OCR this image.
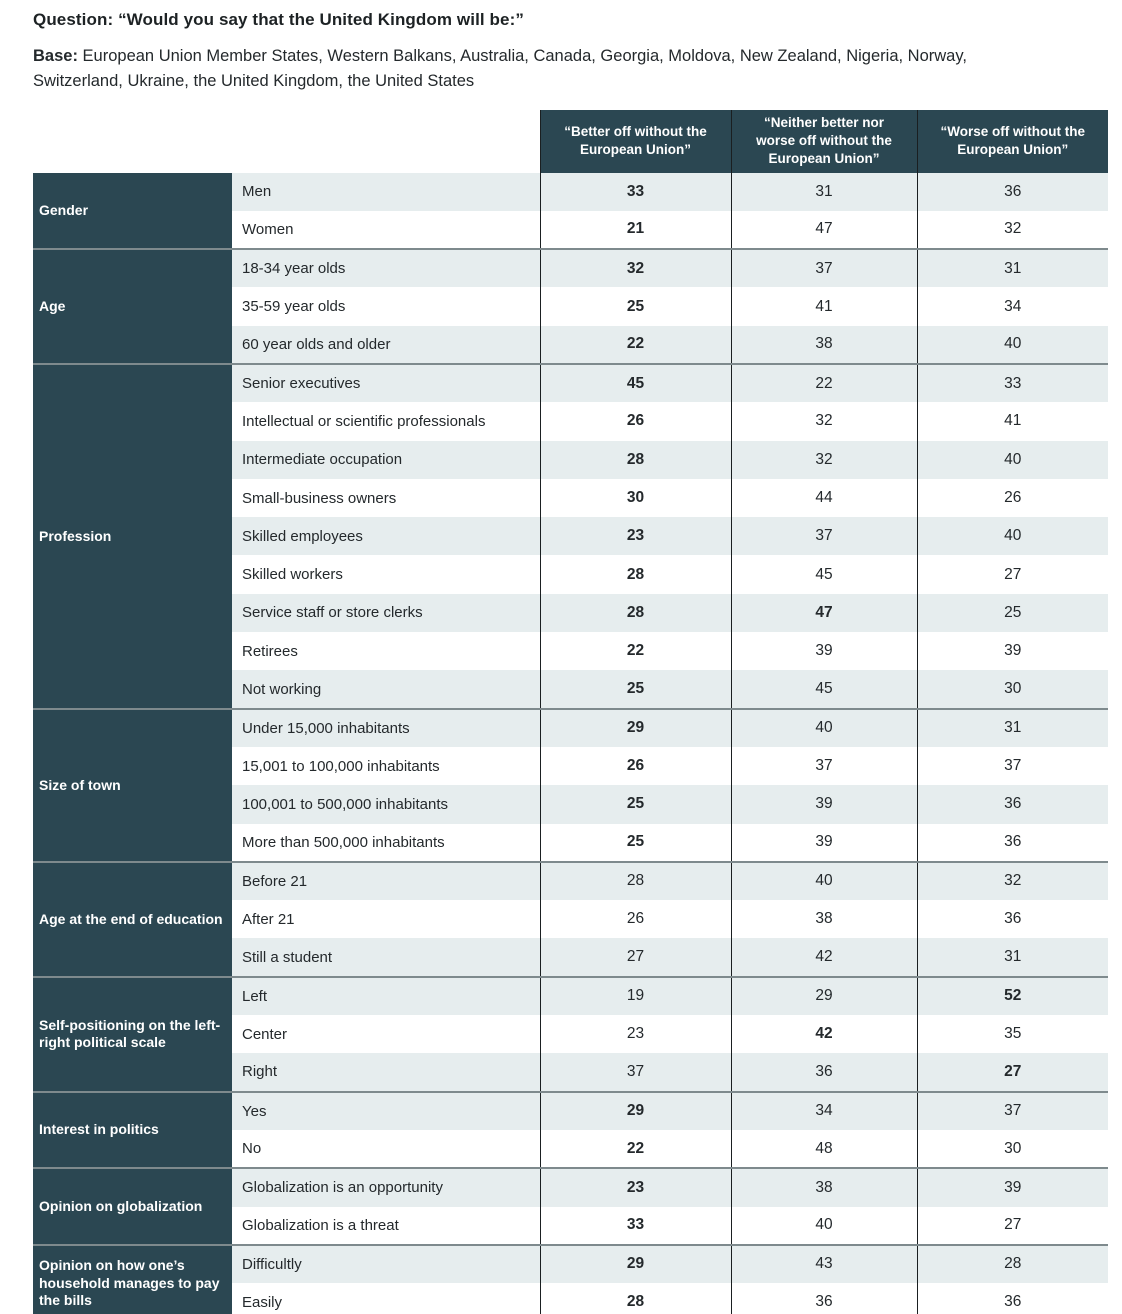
Question: “Would you say that the United Kingdom will be:”

Base: European Union Member States, Western Balkans, Australia, Canada, Georgia, Moldova, New Zealand, Nigeria, Norway, Switzerland, Ukraine, the United Kingdom, the United States

		“Better off without the European Union”	“Neither better nor worse off without the European Union”	“Worse off without the European Union”
Gender	Men	33	31	36
	Women	21	47	32
Age	18-34 year olds	32	37	31
	35-59 year olds	25	41	34
	60 year olds and older	22	38	40
Profession	Senior executives	45	22	33
	Intellectual or scientific professionals	26	32	41
	Intermediate occupation	28	32	40
	Small-business owners	30	44	26
	Skilled employees	23	37	40
	Skilled workers	28	45	27
	Service staff or store clerks	28	47	25
	Retirees	22	39	39
	Not working	25	45	30
Size of town	Under 15,000 inhabitants	29	40	31
	15,001 to 100,000 inhabitants	26	37	37
	100,001 to 500,000 inhabitants	25	39	36
	More than 500,000 inhabitants	25	39	36
Age at the end of education	Before 21	28	40	32
	After 21	26	38	36
	Still a student	27	42	31
Self-positioning on the left-right political scale	Left	19	29	52
	Center	23	42	35
	Right	37	36	27
Interest in politics	Yes	29	34	37
	No	22	48	30
Opinion on globalization	Globalization is an opportunity	23	38	39
	Globalization is a threat	33	40	27
Opinion on how one’s household manages to pay the bills	Difficultly	29	43	28
	Easily	28	36	36
